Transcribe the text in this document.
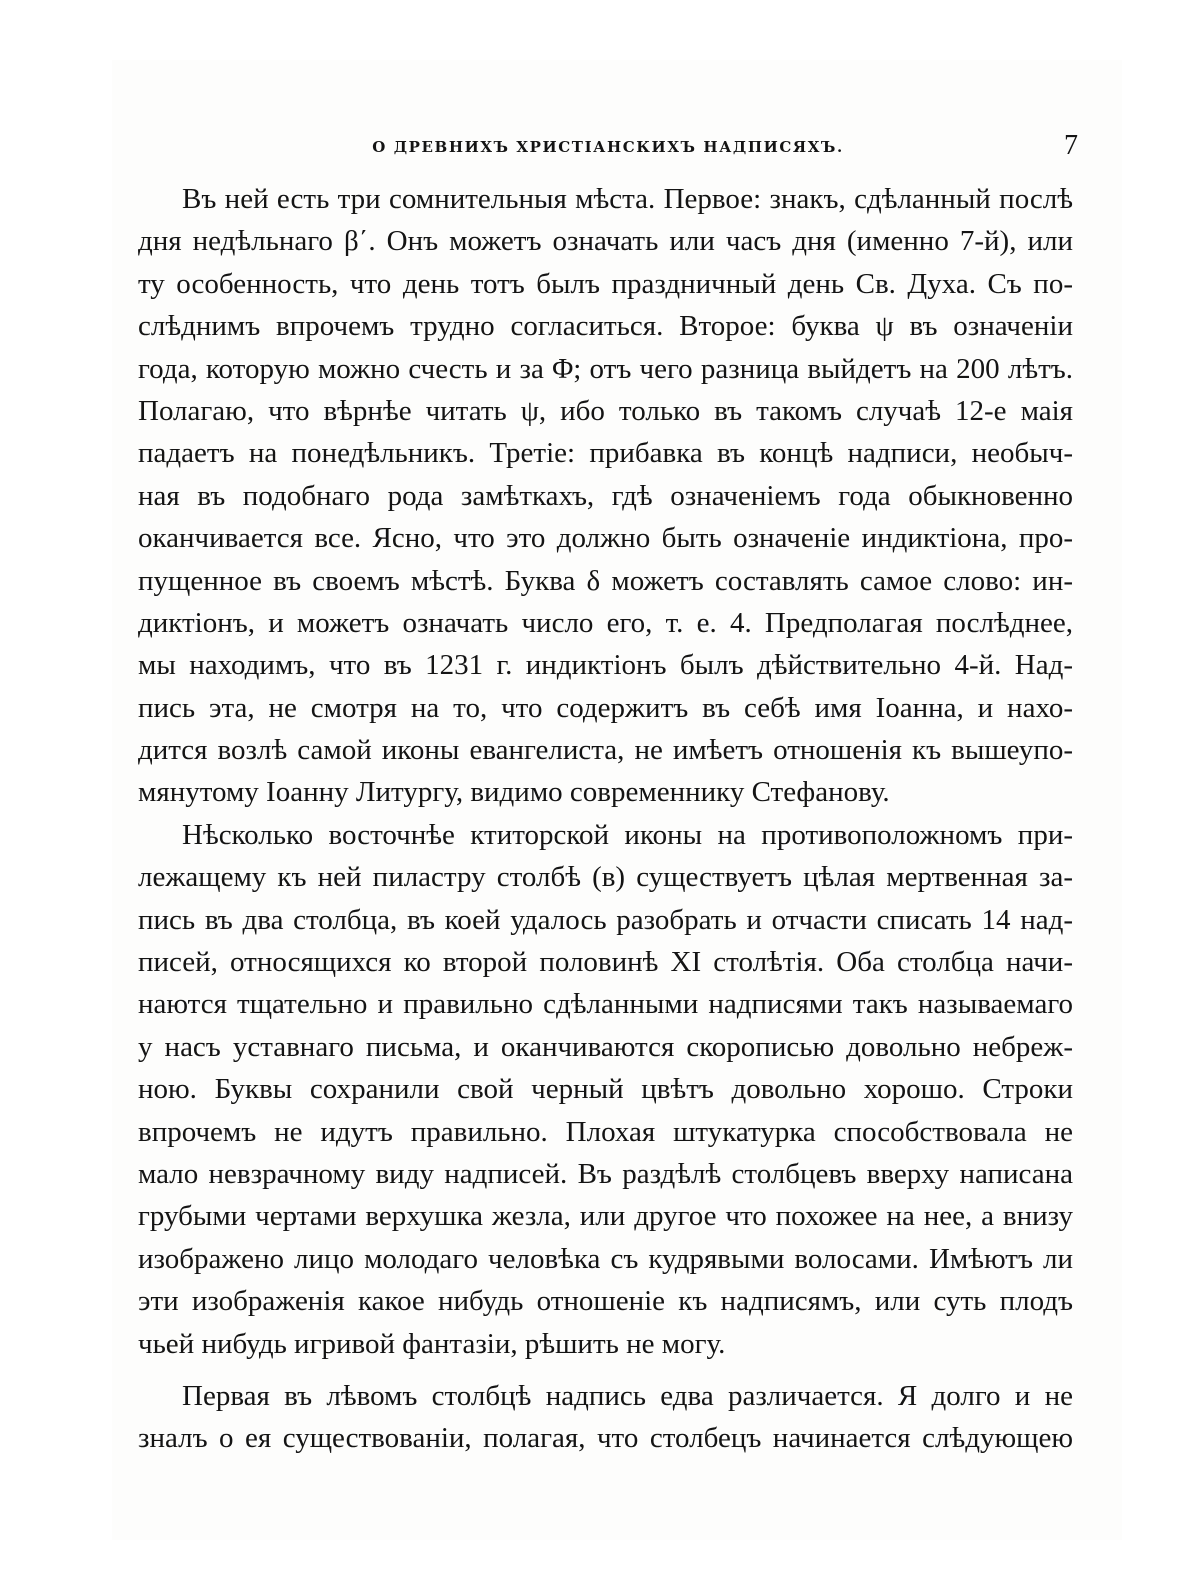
О ДРЕВНИХЪ ХРИСТІАНСКИХЪ НАДПИСЯХЪ.	7
Въ ней есть три сомнительныя мѣста. Первое: знакъ, сдѣланный послѣ
дня недѣльнаго β΄. Онъ можетъ означать или часъ дня (именно 7-й), или
ту особенность, что день тотъ былъ праздничный день Св. Духа. Съ по-
слѣднимъ впрочемъ трудно согласиться. Второе: буква ψ въ означеніи
года, которую можно счесть и за Φ; отъ чего разница выйдетъ на 200 лѣтъ.
Полагаю, что вѣрнѣе читать ψ, ибо только въ такомъ случаѣ 12-е маія
падаетъ на понедѣльникъ. Третіе: прибавка въ концѣ надписи, необыч-
ная въ подобнаго рода замѣткахъ, гдѣ означеніемъ года обыкновенно
оканчивается все. Ясно, что это должно быть означеніе индиктіона, про-
пущенное въ своемъ мѣстѣ. Буква δ можетъ составлять самое слово: ин-
диктіонъ, и можетъ означать число его, т. е. 4. Предполагая послѣднее,
мы находимъ, что въ 1231 г. индиктіонъ былъ дѣйствительно 4-й. Над-
пись эта, не смотря на то, что содержитъ въ себѣ имя Іоанна, и нахо-
дится возлѣ самой иконы евангелиста, не имѣетъ отношенія къ вышеупо-
мянутому Іоанну Литургу, видимо современнику Стефанову.
Нѣсколько восточнѣе ктиторской иконы на противоположномъ при-
лежащему къ ней пиластру столбѣ (в) существуетъ цѣлая мертвенная за-
пись въ два столбца, въ коей удалось разобрать и отчасти списать 14 над-
писей, относящихся ко второй половинѣ XI столѣтія. Оба столбца начи-
наются тщательно и правильно сдѣланными надписями такъ называемаго
у насъ уставнаго письма, и оканчиваются скорописью довольно небреж-
ною. Буквы сохранили свой черный цвѣтъ довольно хорошо. Строки
впрочемъ не идутъ правильно. Плохая штукатурка способствовала не
мало невзрачному виду надписей. Въ раздѣлѣ столбцевъ вверху написана
грубыми чертами верхушка жезла, или другое что похожее на нее, а внизу
изображено лицо молодаго человѣка съ кудрявыми волосами. Имѣютъ ли
эти изображенія какое нибудь отношеніе къ надписямъ, или суть плодъ
чьей нибудь игривой фантазіи, рѣшить не могу.
Первая въ лѣвомъ столбцѣ надпись едва различается. Я долго и не
зналъ о ея существованіи, полагая, что столбецъ начинается слѣдующею
